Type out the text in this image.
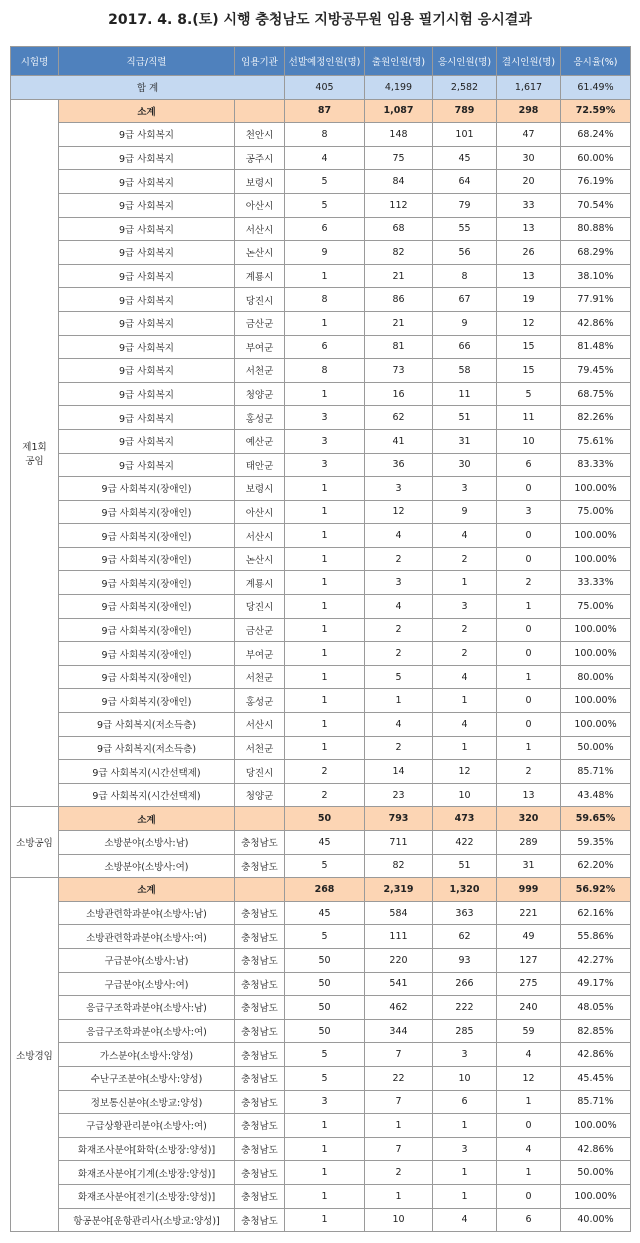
2017. 4. 8.(토) 시행 충청남도 지방공무원 임용 필기시험 응시결과
시험명	직급/직렬	임용기관	선발예정인원(명)	출원인원(명)	응시인원(명)	결시인원(명)	응시율(%)
합 계			405	4,199	2,582	1,617	61.49%
제1회
공임	소계		87	1,087	789	298	72.59%
	9급 사회복지	천안시	8	148	101	47	68.24%
	9급 사회복지	공주시	4	75	45	30	60.00%
	9급 사회복지	보령시	5	84	64	20	76.19%
	9급 사회복지	아산시	5	112	79	33	70.54%
	9급 사회복지	서산시	6	68	55	13	80.88%
	9급 사회복지	논산시	9	82	56	26	68.29%
	9급 사회복지	계룡시	1	21	8	13	38.10%
	9급 사회복지	당진시	8	86	67	19	77.91%
	9급 사회복지	금산군	1	21	9	12	42.86%
	9급 사회복지	부여군	6	81	66	15	81.48%
	9급 사회복지	서천군	8	73	58	15	79.45%
	9급 사회복지	청양군	1	16	11	5	68.75%
	9급 사회복지	홍성군	3	62	51	11	82.26%
	9급 사회복지	예산군	3	41	31	10	75.61%
	9급 사회복지	태안군	3	36	30	6	83.33%
	9급 사회복지(장애인)	보령시	1	3	3	0	100.00%
	9급 사회복지(장애인)	아산시	1	12	9	3	75.00%
	9급 사회복지(장애인)	서산시	1	4	4	0	100.00%
	9급 사회복지(장애인)	논산시	1	2	2	0	100.00%
	9급 사회복지(장애인)	계룡시	1	3	1	2	33.33%
	9급 사회복지(장애인)	당진시	1	4	3	1	75.00%
	9급 사회복지(장애인)	금산군	1	2	2	0	100.00%
	9급 사회복지(장애인)	부여군	1	2	2	0	100.00%
	9급 사회복지(장애인)	서천군	1	5	4	1	80.00%
	9급 사회복지(장애인)	홍성군	1	1	1	0	100.00%
	9급 사회복지(저소득층)	서산시	1	4	4	0	100.00%
	9급 사회복지(저소득층)	서천군	1	2	1	1	50.00%
	9급 사회복지(시간선택제)	당진시	2	14	12	2	85.71%
	9급 사회복지(시간선택제)	청양군	2	23	10	13	43.48%
소방공임	소계		50	793	473	320	59.65%
	소방분야(소방사:남)	충청남도	45	711	422	289	59.35%
	소방분야(소방사:여)	충청남도	5	82	51	31	62.20%
소방경임	소계		268	2,319	1,320	999	56.92%
	소방관련학과분야(소방사:남)	충청남도	45	584	363	221	62.16%
	소방관련학과분야(소방사:여)	충청남도	5	111	62	49	55.86%
	구급분야(소방사:남)	충청남도	50	220	93	127	42.27%
	구급분야(소방사:여)	충청남도	50	541	266	275	49.17%
	응급구조학과분야(소방사:남)	충청남도	50	462	222	240	48.05%
	응급구조학과분야(소방사:여)	충청남도	50	344	285	59	82.85%
	가스분야(소방사:양성)	충청남도	5	7	3	4	42.86%
	수난구조분야(소방사:양성)	충청남도	5	22	10	12	45.45%
	정보통신분야(소방교:양성)	충청남도	3	7	6	1	85.71%
	구급상황관리분야(소방사:여)	충청남도	1	1	1	0	100.00%
	화재조사분야[화학(소방장:양성)]	충청남도	1	7	3	4	42.86%
	화재조사분야[기계(소방장:양성)]	충청남도	1	2	1	1	50.00%
	화재조사분야[전기(소방장:양성)]	충청남도	1	1	1	0	100.00%
	항공분야[운항관리사(소방교:양성)]	충청남도	1	10	4	6	40.00%
